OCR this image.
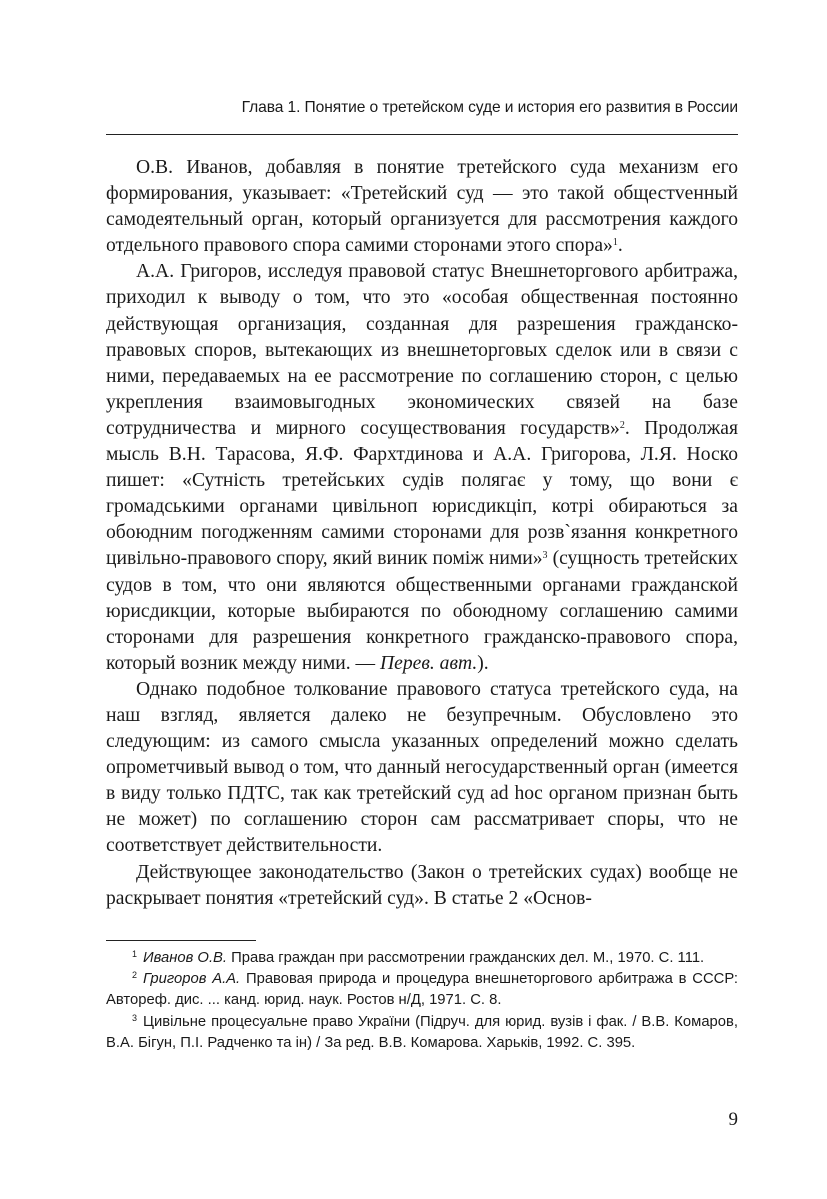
Глава 1. Понятие о третейском суде и история его развития в России

О.В. Иванов, добавляя в понятие третейского суда механизм его формирования, указывает: «Третейский суд — это такой общестvенный самодеятельный орган, который организуется для рассмотрения каждого отдельного правового спора самими сторонами этого спора»$^1$.

А.А. Григоров, исследуя правовой статус Внешнеторгового арбитража, приходил к выводу о том, что это «особая общественная постоянно действующая организация, созданная для разрешения гражданско-правовых споров, вытекающих из внешнеторговых сделок или в связи с ними, передаваемых на ее рассмотрение по соглашению сторон, с целью укрепления взаимовыгодных экономических связей на базе сотрудничества и мирного сосуществования государств»$^2$. Продолжая мысль В.Н. Тарасова, Я.Ф. Фархтдинова и А.А. Григорова, Л.Я. Носко пишет: «Сутність третейських судів полягає у тому, що вони є громадськими органами цивільноп юрисдикціп, котрі обираються за обоюдним погодженням самими сторонами для розв`язання конкретного цивільно-правового спору, який виник поміж ними»$^3$ (сущность третейских судов в том, что они являются общественными органами гражданской юрисдикции, которые выбираются по обоюдному соглашению самими сторонами для разрешения конкретного гражданско-правового спора, который возник между ними. — Перев. авт.).

Однако подобное толкование правового статуса третейского суда, на наш взгляд, является далеко не безупречным. Обусловлено это следующим: из самого смысла указанных определений можно сделать опрометчивый вывод о том, что данный негосударственный орган (имеется в виду только ПДТС, так как третейский суд ad hoc органом признан быть не может) по соглашению сторон сам рассматривает споры, что не соответствует действительности.

Действующее законодательство (Закон о третейских судах) вообще не раскрывает понятия «третейский суд». В статье 2 «Основ-

$^1$ Иванов О.В. Права граждан при рассмотрении гражданских дел. М., 1970. С. 111.

$^2$ Григоров А.А. Правовая природа и процедура внешнеторгового арбитража в СССР: Автореф. дис. ... канд. юрид. наук. Ростов н/Д, 1971. С. 8.

$^3$ Цивільне процесуальне право України (Підруч. для юрид. вузів і фак. / В.В. Комаров, В.А. Бігун, П.І. Радченко та ін) / За ред. В.В. Комарова. Харьків, 1992. С. 395.

9
